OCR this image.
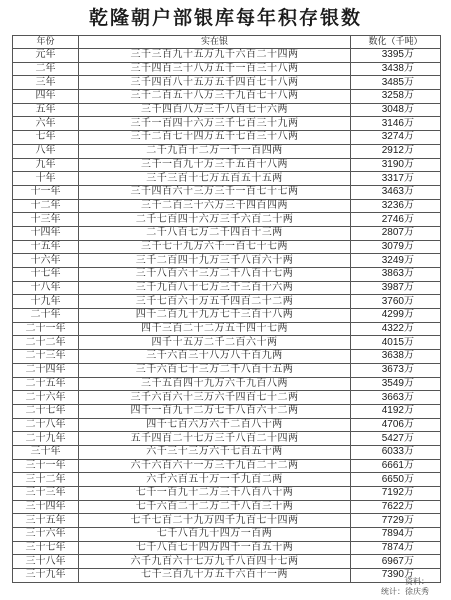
乾隆朝户部银库每年积存银数
年份	实在银	数化（千吨）
元年	三千三百九十五万九千六百二十四两	3395万
二年	三千四百三十八万五千一百三十八两	3438万
三年	三千四百八十五万五千四百七十八两	3485万
四年	三千二百五十八万三千九百七十八两	3258万
五年	三千四百八万三千八百七十六两	3048万
六年	三千一百四十六万三千七百三十九两	3146万
七年	三千二百七十四万五千七百三十八两	3274万
八年	二千九百十二万一千一百四两	2912万
九年	三千一百九十万三千五百十八两	3190万
十年	三千三百十七万五百五十五两	3317万
十一年	三千四百六十三万三千一百七十七两	3463万
十二年	三千二百三十六万三千四百四两	3236万
十三年	二千七百四十六万三千六百二十两	2746万
十四年	二千八百七万二千四百十三两	2807万
十五年	三千七十九万六千一百七十七两	3079万
十六年	三千二百四十九万三千八百六十两	3249万
十七年	三千八百六十三万二千八百十七两	3863万
十八年	三千九百八十七万三千三百十六两	3987万
十九年	三千七百六十万五千四百二十二两	3760万
二十年	四千二百九十九万七千三百十八两	4299万
二十一年	四千三百二十二万五千四十七两	4322万
二十二年	四千十五万二千二百六十两	4015万
二十三年	三千六百三十八万八千百九两	3638万
二十四年	三千六百七十三万二千八百十五两	3673万
二十五年	三千五百四十九万六千九百八两	3549万
二十六年	三千六百六十三万六千四百七十二两	3663万
二十七年	四千一百九十二万七千八百六十二两	4192万
二十八年	四千七百六万六千二百八十两	4706万
二十九年	五千四百二十七万三千八百二十四两	5427万
三十年	六千三十三万六千七百五十两	6033万
三十一年	六千六百六十一万三千九百二十二两	6661万
三十二年	六千六百五十万一千九百二两	6650万
三十三年	七千一百九十二万三千八百八十两	7192万
三十四年	七千六百二十二万二千八百三十两	7622万
三十五年	七千七百二十九万四千九百七十四两	7729万
三十六年	七千八百九十四万一百两	7894万
三十七年	七千八百七十四万四千一百五十两	7874万
三十八年	六千九百六十七万九千八百四十七两	6967万
三十九年	七千三百九十万五千六百十一两	7390万
资料：
统计：徐庆秀
